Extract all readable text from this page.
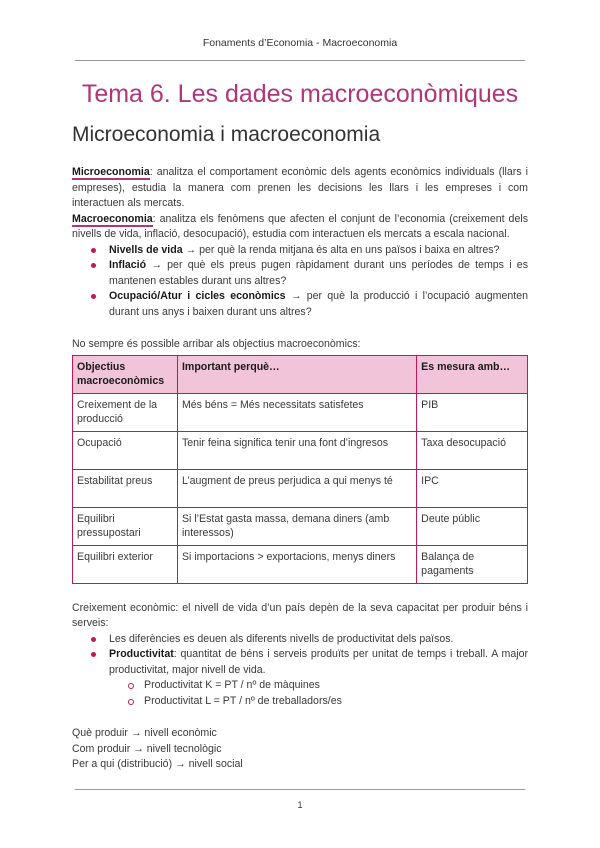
Fonaments d’Economia - Macroeconomia
Tema 6. Les dades macroeconòmiques
Microeconomia i macroeconomia

Microeconomia: analitza el comportament econòmic dels agents econòmics individuals (llars i empreses), estudia la manera com prenen les decisions les llars i les empreses i com interactuen als mercats.

Macroeconomia: analitza els fenòmens que afecten el conjunt de l’economia (creixement dels nivells de vida, inflació, desocupació), estudia com interactuen els mercats a escala nacional.

Nivells de vida → per què la renda mitjana és alta en uns països i baixa en altres?
Inflació → per què els preus pugen ràpidament durant uns períodes de temps i es mantenen estables durant uns altres?
Ocupació/Atur i cicles econòmics → per què la producció i l’ocupació augmenten durant uns anys i baixen durant uns altres?

No sempre és possible arribar als objectius macroeconòmics:

Objectius macroeconòmics	Important perquè…	Es mesura amb…
Creixement de la producció	Més béns = Més necessitats satisfetes	PIB
Ocupació	Tenir feina significa tenir una font d’ingresos	Taxa desocupació
Estabilitat preus	L’augment de preus perjudica a qui menys té	IPC
Equilibri pressupostari	Si l’Estat gasta massa, demana diners (amb interessos)	Deute públic
Equilibri exterior	Si importacions > exportacions, menys diners	Balança de pagaments

Creixement econòmic: el nivell de vida d’un país depèn de la seva capacitat per produir béns i serveis:

Les diferències es deuen als diferents nivells de productivitat dels països.
Productivitat: quantitat de béns i serveis produïts per unitat de temps i treball. A major productivitat, major nivell de vida.
Productivitat K = PT / nº de màquines
Productivitat L = PT / nº de treballadors/es

Què produir → nivell econòmic

Com produir → nivell tecnològic

Per a qui (distribució) → nivell social

1
